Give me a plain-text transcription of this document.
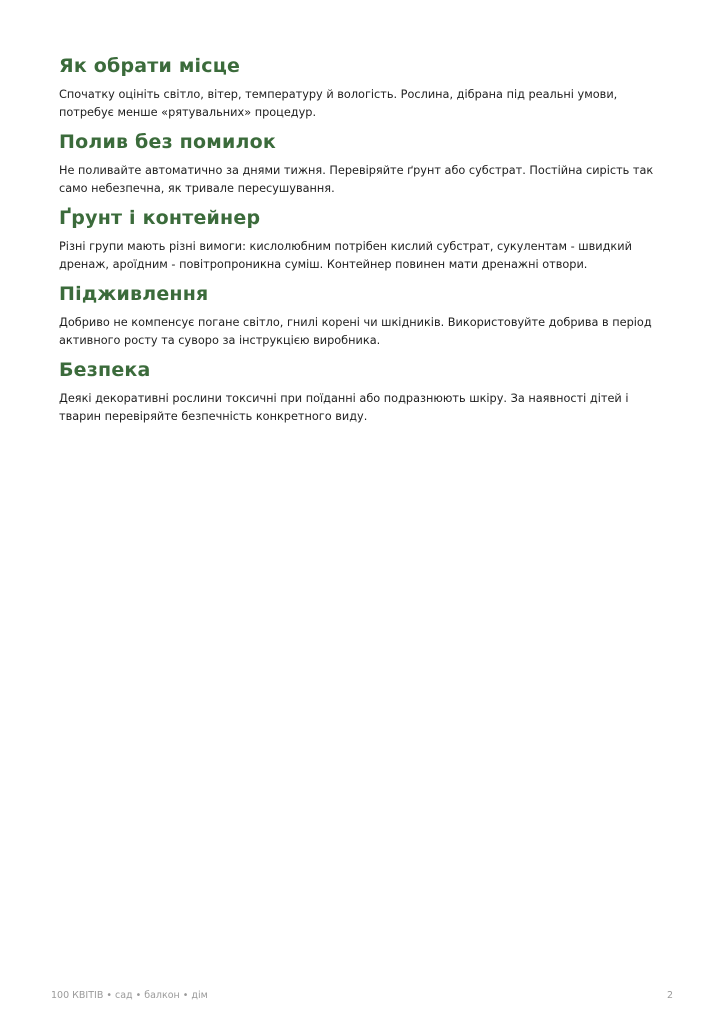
Як обрати місце

Спочатку оцініть світло, вітер, температуру й вологість. Рослина, дібрана під реальні умови, потребує менше «рятувальних» процедур.

Полив без помилок

Не поливайте автоматично за днями тижня. Перевіряйте ґрунт або субстрат. Постійна сирість так само небезпечна, як тривале пересушування.

Ґрунт і контейнер

Різні групи мають різні вимоги: кислолюбним потрібен кислий субстрат, сукулентам - швидкий дренаж, ароїдним - повітропроникна суміш. Контейнер повинен мати дренажні отвори.

Підживлення

Добриво не компенсує погане світло, гнилі корені чи шкідників. Використовуйте добрива в період активного росту та суворо за інструкцією виробника.

Безпека

Деякі декоративні рослини токсичні при поїданні або подразнюють шкіру. За наявності дітей і тварин перевіряйте безпечність конкретного виду.

100 КВІТІВ • сад • балкон • дім	2
